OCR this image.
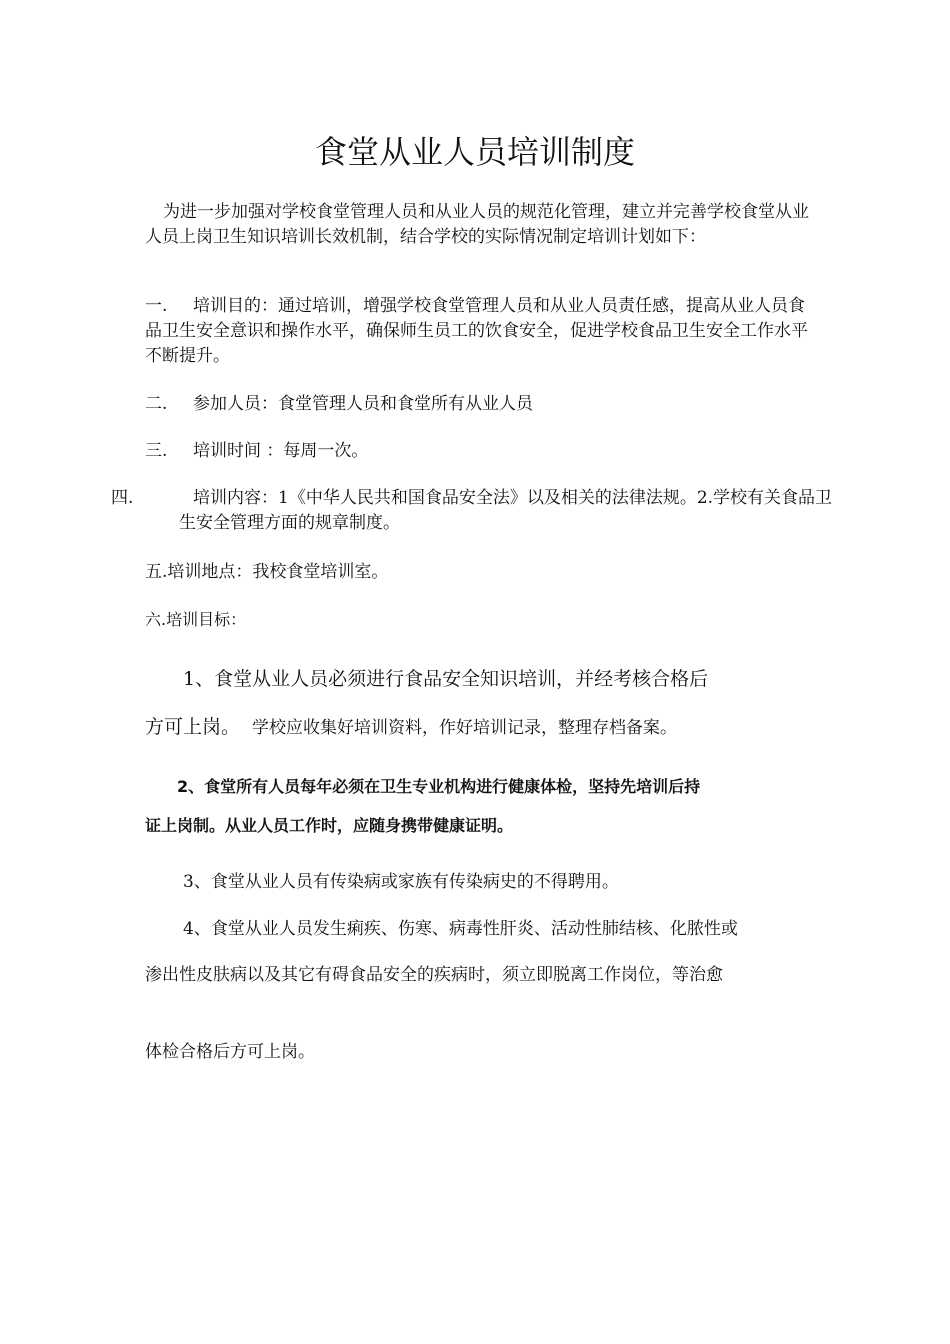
食堂从业人员培训制度

为进一步加强对学校食堂管理人员和从业人员的规范化管理，建立并完善学校食堂从业人员上岗卫生知识培训长效机制，结合学校的实际情况制定培训计划如下：

一. 培训目的：通过培训，增强学校食堂管理人员和从业人员责任感，提高从业人员食品卫生安全意识和操作水平，确保师生员工的饮食安全，促进学校食品卫生安全工作水平不断提升。

二. 参加人员：食堂管理人员和食堂所有从业人员

三. 培训时间 ：每周一次。

四.	培训内容：1《中华人民共和国食品安全法》以及相关的法律法规。2.学校有关食品卫生安全管理方面的规章制度。

五.培训地点：我校食堂培训室。

六.培训目标：

1、食堂从业人员必须进行食品安全知识培训，并经考核合格后

方可上岗。 学校应收集好培训资料，作好培训记录，整理存档备案。

2、食堂所有人员每年必须在卫生专业机构进行健康体检，坚持先培训后持

证上岗制。从业人员工作时，应随身携带健康证明。

3、食堂从业人员有传染病或家族有传染病史的不得聘用。

4、食堂从业人员发生痢疾、伤寒、病毒性肝炎、活动性肺结核、化脓性或

渗出性皮肤病以及其它有碍食品安全的疾病时，须立即脱离工作岗位，等治愈

体检合格后方可上岗。
